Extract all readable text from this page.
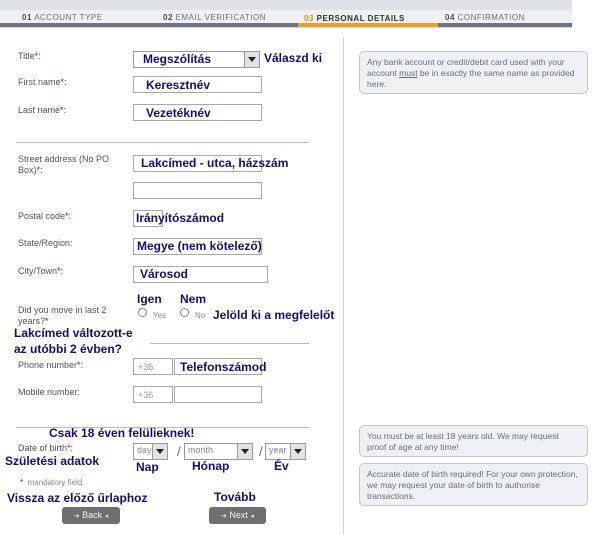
01 ACCOUNT TYPE	02 EMAIL VERIFICATION	03 PERSONAL DETAILS	04 CONFIRMATION
Title*:	Megszólítás	Válaszd ki
First name*:	Keresztnév
Last name*:	Vezetéknév
Street address (No PO
Box)*:	Lakcímed - utca, házszám
Postal code*:	Irányítószámod
State/Region:	Megye (nem kötelező)
City/Town*:	Városod
Did you move in last 2
years?*
Igen Nem
Yes	No Jelöld ki a megfelelőt
Lakcímed változott-e
az utóbbi 2 évben?
Phone number*:	+36 Telefonszámod
Mobile number:	+36
Csak 18 éven felülieknek!
Date of birth*:
Születési adatok
day / month	/ year
Nap	Hónap	Év
* mandatory field
Vissza az előző űrlaphoz	Tovább
➜ Back ◂	➜ Next ◂
Any bank account or credit/debit card used with your account must be in exactly the same name as provided here.
You must be at least 18 years old. We may request proof of age at any time!
Accurate date of birth required! For your own protection, we may request your date of birth to authorise transactions.
